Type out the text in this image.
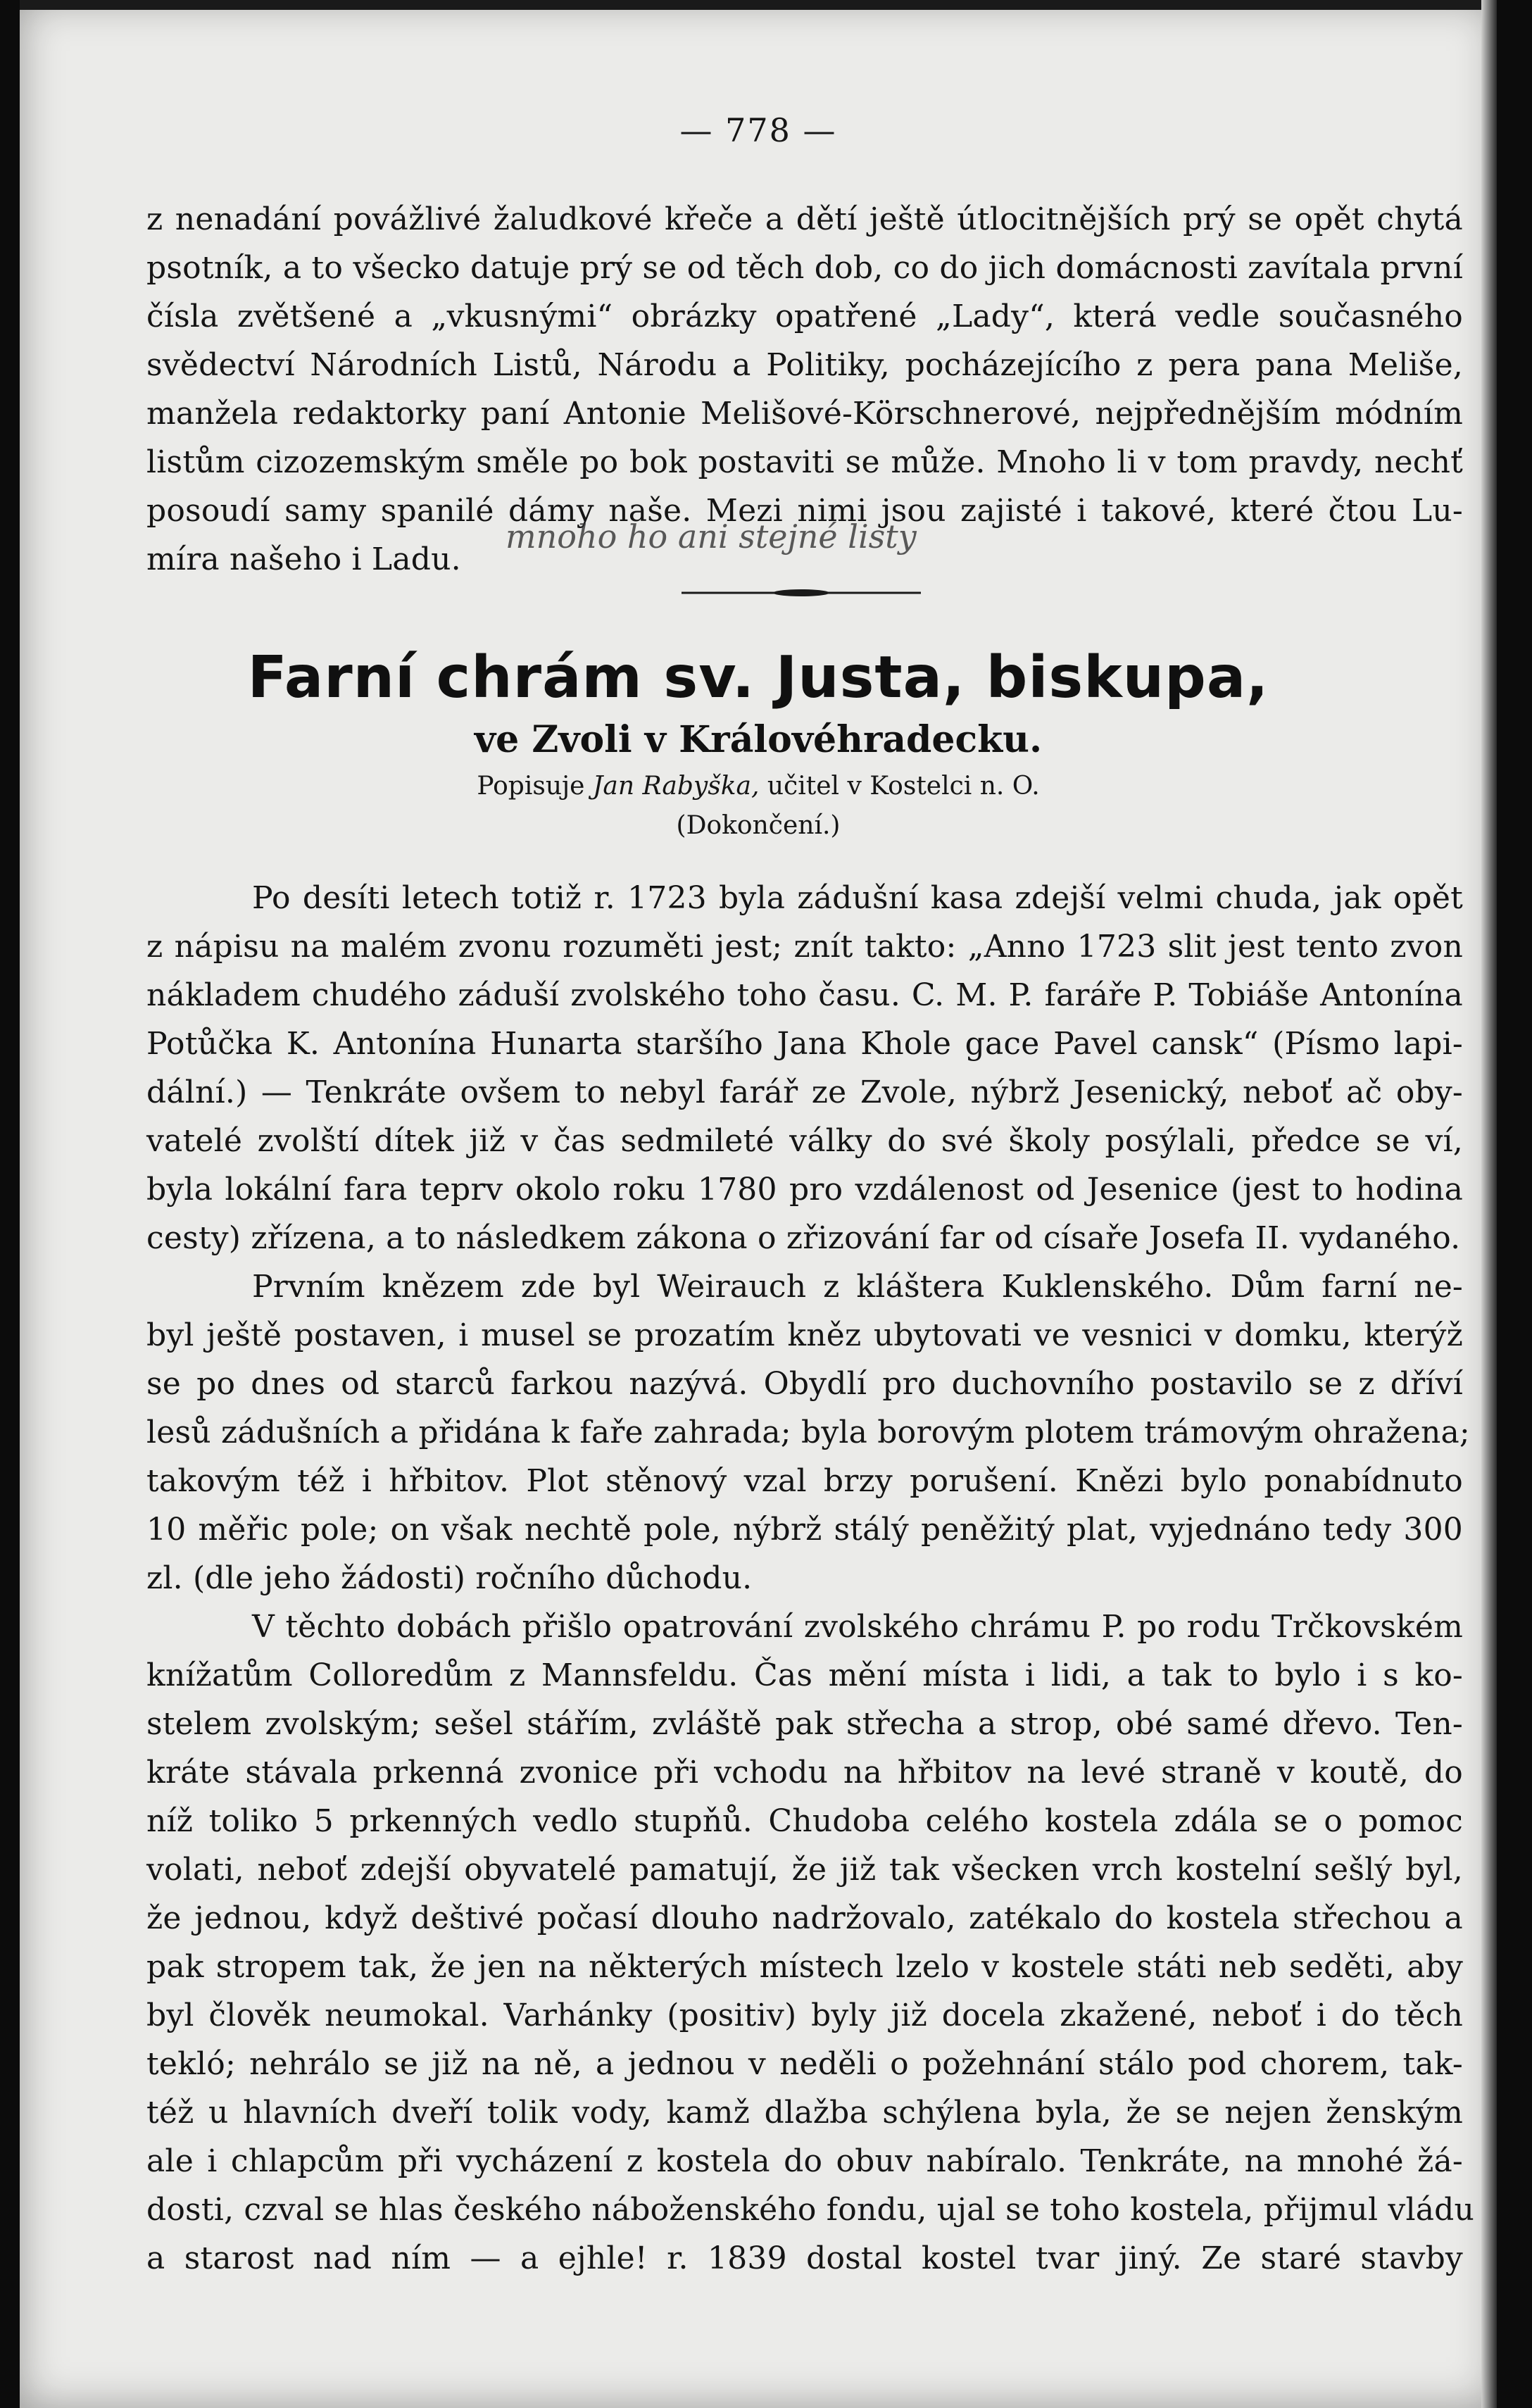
— 778 —
z nenadání povážlivé žaludkové křeče a dětí ještě útlocitnějších prý se opět chytá
psotník, a to všecko datuje prý se od těch dob, co do jich domácnosti zavítala první
čísla zvětšené a „vkusnými“ obrázky opatřené „Lady“, která vedle současného
svědectví Národních Listů, Národu a Politiky, pocházejícího z pera pana Meliše,
manžela redaktorky paní Antonie Melišové-Körschnerové, nejpřednějším módním
listům cizozemským směle po bok postaviti se může. Mnoho li v tom pravdy, nechť
posoudí samy spanilé dámy naše. Mezi nimi jsou zajisté i takové, které čtou Lu-
míra našeho i Ladu.
mnoho ho ani stejné listy
Farní chrám sv. Justa, biskupa,
ve Zvoli v Královéhradecku.
Popisuje Jan Rabyška, učitel v Kostelci n. O.
(Dokončení.)
Po desíti letech totiž r. 1723 byla zádušní kasa zdejší velmi chuda, jak opět
z nápisu na malém zvonu rozuměti jest; znít takto: „Anno 1723 slit jest tento zvon
nákladem chudého záduší zvolského toho času. C. M. P. faráře P. Tobiáše Antonína
Potůčka K. Antonína Hunarta staršího Jana Khole gace Pavel cansk“ (Písmo lapi-
dální.) — Tenkráte ovšem to nebyl farář ze Zvole, nýbrž Jesenický, neboť ač oby-
vatelé zvolští dítek již v čas sedmileté války do své školy posýlali, předce se ví,
byla lokální fara teprv okolo roku 1780 pro vzdálenost od Jesenice (jest to hodina
cesty) zřízena, a to následkem zákona o zřizování far od císaře Josefa II. vydaného.
Prvním knězem zde byl Weirauch z kláštera Kuklenského. Dům farní ne-
byl ještě postaven, i musel se prozatím kněz ubytovati ve vesnici v domku, kterýž
se po dnes od starců farkou nazývá. Obydlí pro duchovního postavilo se z dříví
lesů zádušních a přidána k faře zahrada; byla borovým plotem trámovým ohražena;
takovým též i hřbitov. Plot stěnový vzal brzy porušení. Knězi bylo ponabídnuto
10 měřic pole; on však nechtě pole, nýbrž stálý peněžitý plat, vyjednáno tedy 300
zl. (dle jeho žádosti) ročního důchodu.
V těchto dobách přišlo opatrování zvolského chrámu P. po rodu Trčkovském
knížatům Colloredům z Mannsfeldu. Čas mění místa i lidi, a tak to bylo i s ko-
stelem zvolským; sešel stářím, zvláště pak střecha a strop, obé samé dřevo. Ten-
kráte stávala prkenná zvonice při vchodu na hřbitov na levé straně v koutě, do
níž toliko 5 prkenných vedlo stupňů. Chudoba celého kostela zdála se o pomoc
volati, neboť zdejší obyvatelé pamatují, že již tak všecken vrch kostelní sešlý byl,
že jednou, když deštivé počasí dlouho nadržovalo, zatékalo do kostela střechou a
pak stropem tak, že jen na některých místech lzelo v kostele státi neb seděti, aby
byl člověk neumokal. Varhánky (positiv) byly již docela zkažené, neboť i do těch
tekló; nehrálo se již na ně, a jednou v neděli o požehnání stálo pod chorem, tak-
též u hlavních dveří tolik vody, kamž dlažba schýlena byla, že se nejen ženským
ale i chlapcům při vycházení z kostela do obuv nabíralo. Tenkráte, na mnohé žá-
dosti, czval se hlas českého náboženského fondu, ujal se toho kostela, přijmul vládu
a starost nad ním — a ejhle! r. 1839 dostal kostel tvar jiný. Ze staré stavby
